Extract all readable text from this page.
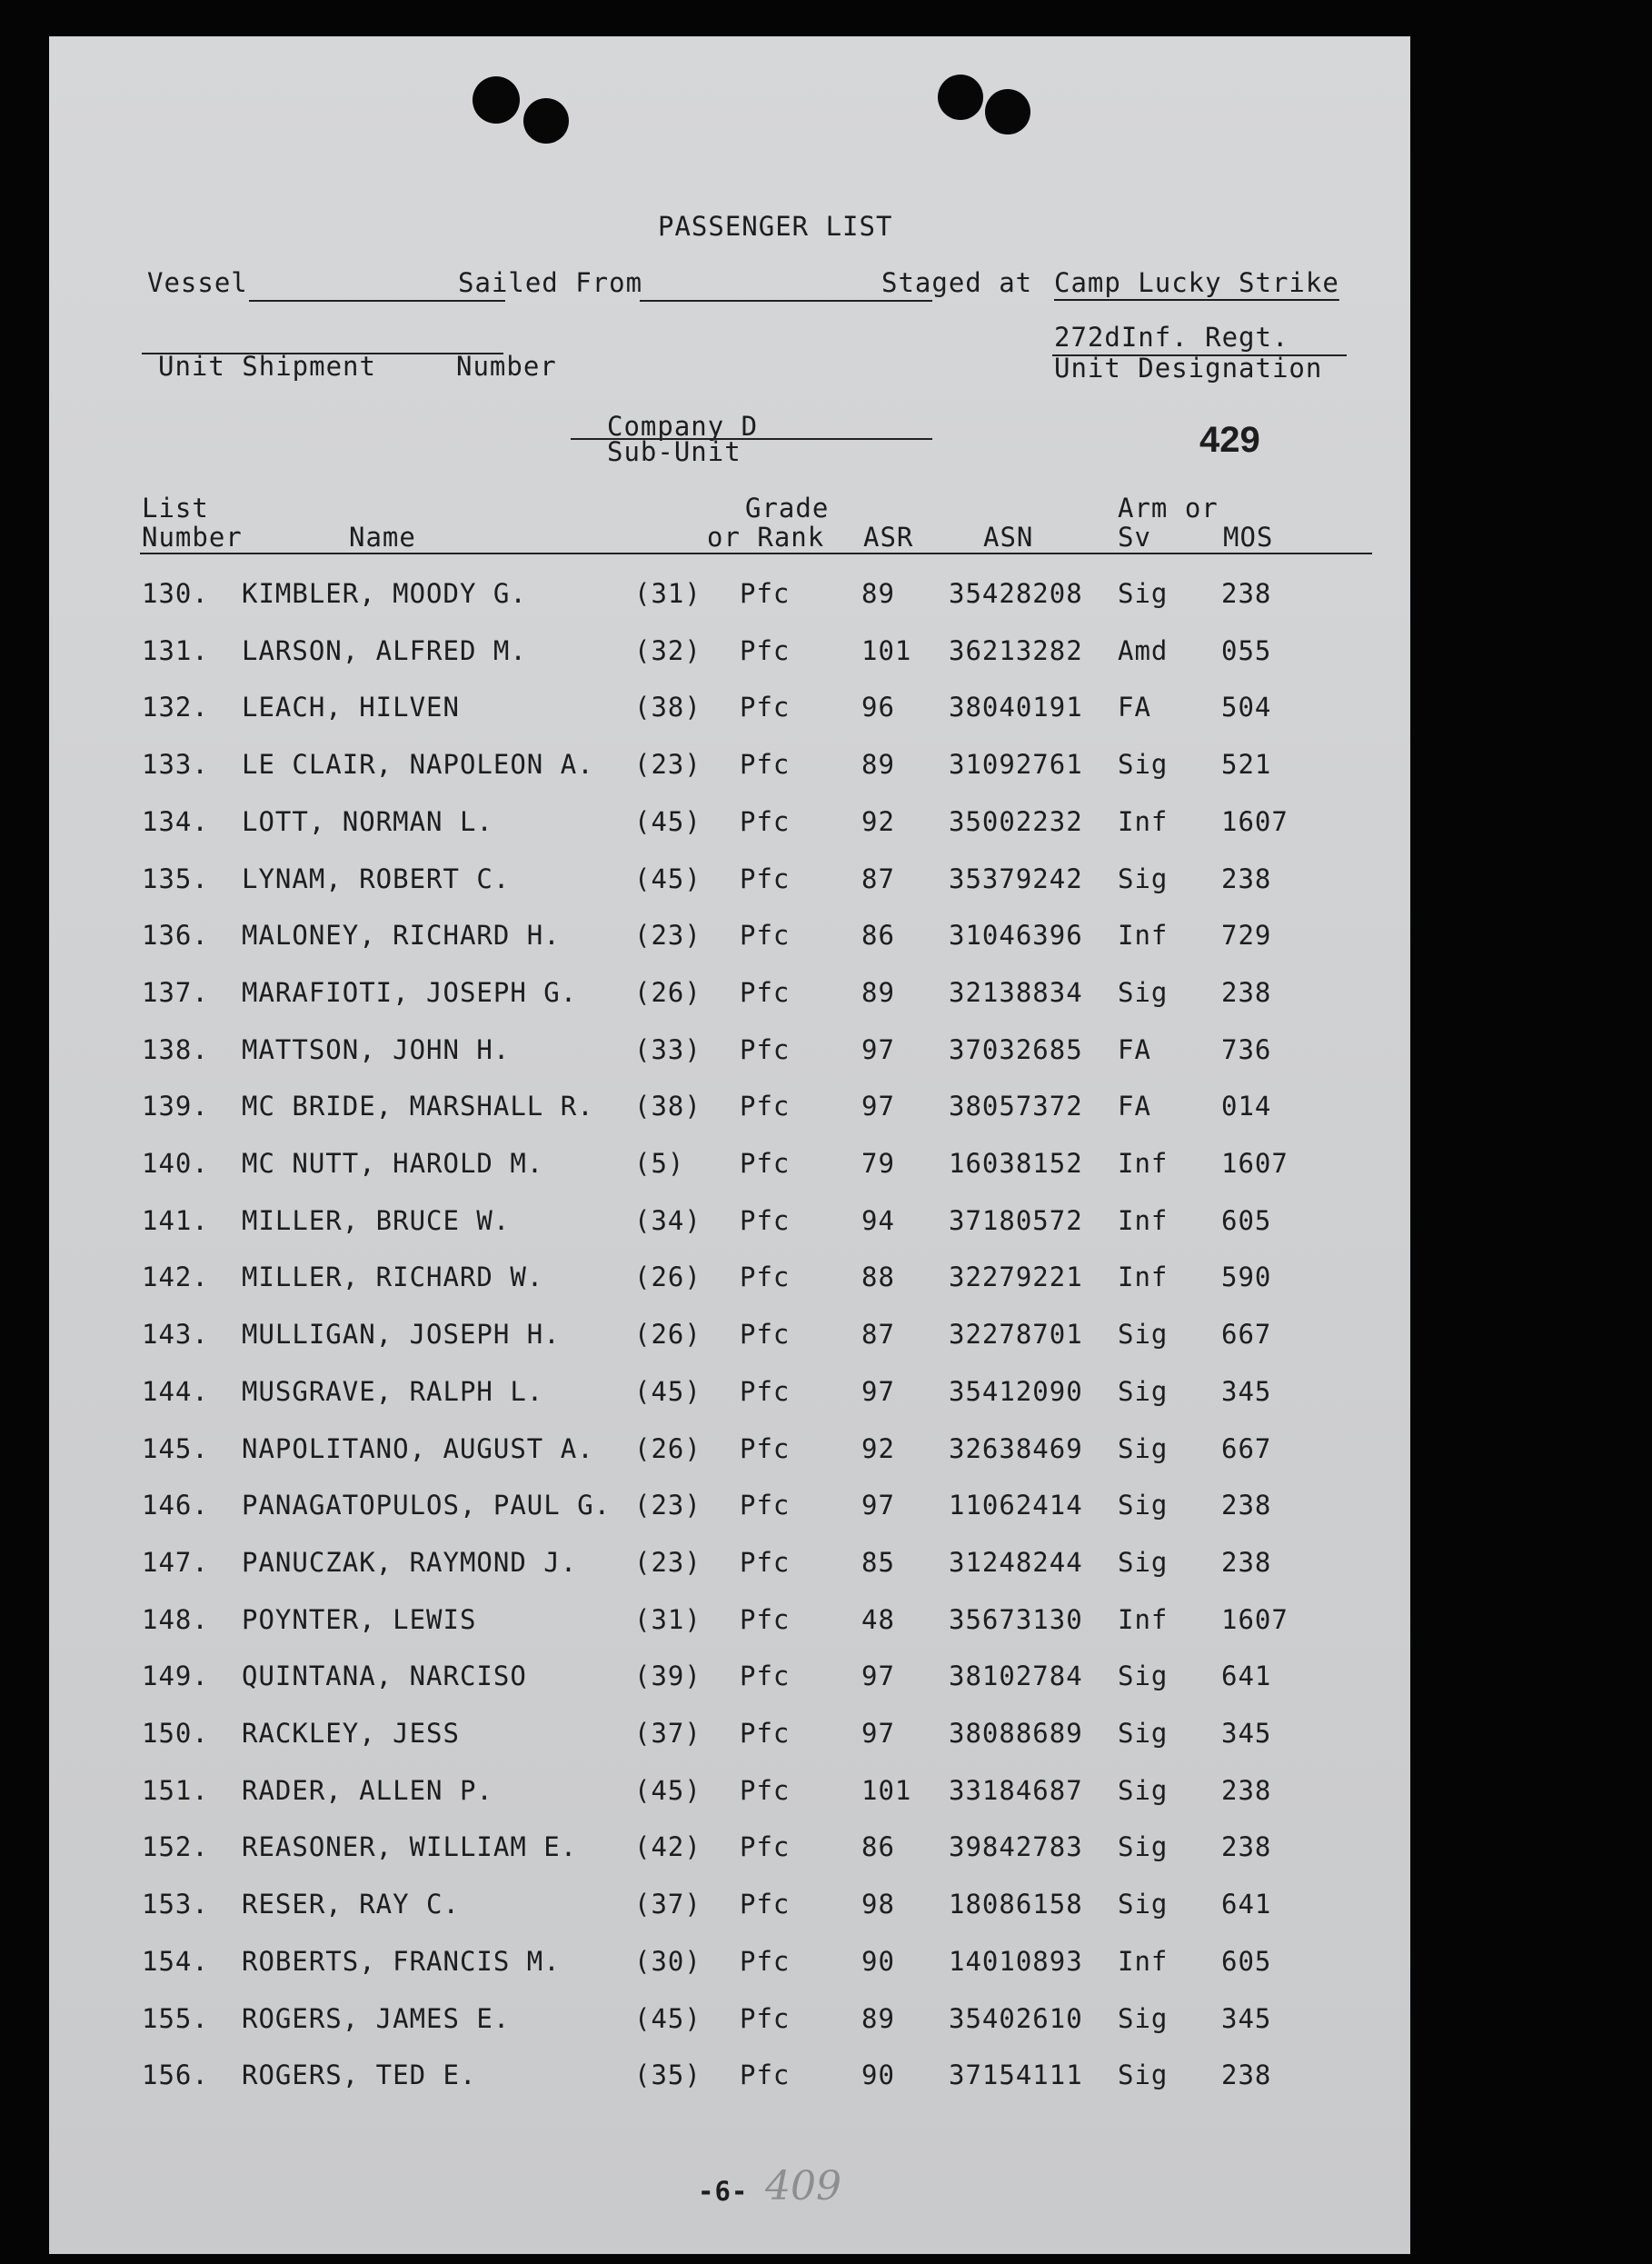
PASSENGER LIST
Vessel	Sailed From	Staged at Camp Lucky Strike
Unit Shipment	Number
272dInf. Regt.
Unit Designation
Company D
Sub-Unit	429
List
Number	Name
Grade
or Rank ASR	ASN
Arm or
Sv	MOS
130. KIMBLER, MOODY G.	(31) Pfc	89 35428208 Sig 238
131. LARSON, ALFRED M.	(32) Pfc	101 36213282 Amd 055
132. LEACH, HILVEN	(38) Pfc	96 38040191 FA	504
133. LE CLAIR, NAPOLEON A. (23) Pfc	89 31092761 Sig 521
134. LOTT, NORMAN L.	(45) Pfc	92 35002232 Inf 1607
135. LYNAM, ROBERT C.	(45) Pfc	87 35379242 Sig 238
136. MALONEY, RICHARD H.	(23) Pfc	86 31046396 Inf 729
137. MARAFIOTI, JOSEPH G. (26) Pfc	89 32138834 Sig 238
138. MATTSON, JOHN H.	(33) Pfc	97 37032685 FA	736
139. MC BRIDE, MARSHALL R. (38) Pfc	97 38057372 FA	014
140. MC NUTT, HAROLD M.	(5) Pfc	79 16038152 Inf 1607
141. MILLER, BRUCE W.	(34) Pfc	94 37180572 Inf 605
142. MILLER, RICHARD W.	(26) Pfc	88 32279221 Inf 590
143. MULLIGAN, JOSEPH H.	(26) Pfc	87 32278701 Sig 667
144. MUSGRAVE, RALPH L.	(45) Pfc	97 35412090 Sig 345
145. NAPOLITANO, AUGUST A. (26) Pfc	92 32638469 Sig 667
146. PANAGATOPULOS, PAUL G. (23) Pfc	97 11062414 Sig 238
147. PANUCZAK, RAYMOND J. (23) Pfc	85 31248244 Sig 238
148. POYNTER, LEWIS	(31) Pfc	48 35673130 Inf 1607
149. QUINTANA, NARCISO	(39) Pfc	97 38102784 Sig 641
150. RACKLEY, JESS	(37) Pfc	97 38088689 Sig 345
151. RADER, ALLEN P.	(45) Pfc	101 33184687 Sig 238
152. REASONER, WILLIAM E. (42) Pfc	86 39842783 Sig 238
153. RESER, RAY C.	(37) Pfc	98 18086158 Sig 641
154. ROBERTS, FRANCIS M.	(30) Pfc	90 14010893 Inf 605
155. ROGERS, JAMES E.	(45) Pfc	89 35402610 Sig 345
156. ROGERS, TED E.	(35) Pfc	90 37154111 Sig 238
-6- 409
